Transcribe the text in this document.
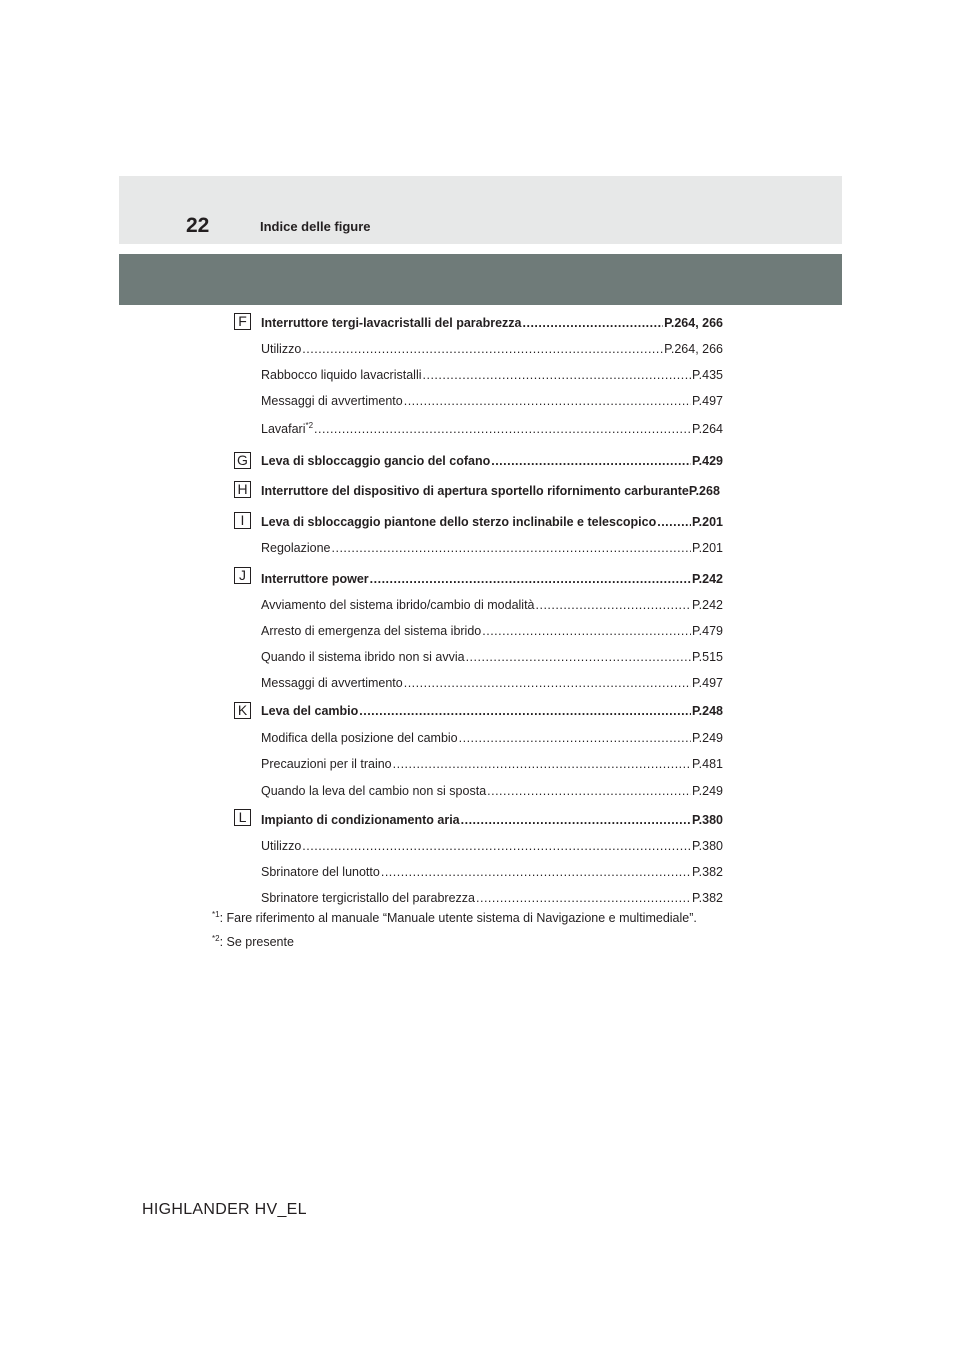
22	Indice delle figure
F	Interruttore tergi-lavacristalli del parabrezza .....	P.264, 266
Utilizzo .....	P.264, 266
Rabbocco liquido lavacristalli .....	P.435
Messaggi di avvertimento .....	P.497
Lavafari$^{*2}$ .....	P.264
G Leva di sbloccaggio gancio del cofano .....	P.429
H Interruttore del dispositivo di apertura sportello rifornimento carburanteP.268
I	Leva di sbloccaggio piantone dello sterzo inclinabile e telescopico .....	P.201
Regolazione .....	P.201
J	Interruttore power .....	P.242
Avviamento del sistema ibrido/cambio di modalità .....	P.242
Arresto di emergenza del sistema ibrido .....	P.479
Quando il sistema ibrido non si avvia .....	P.515
Messaggi di avvertimento .....	P.497
K	Leva del cambio .....	P.248
Modifica della posizione del cambio .....	P.249
Precauzioni per il traino .....	P.481
Quando la leva del cambio non si sposta .....	P.249
L	Impianto di condizionamento aria .....	P.380
Utilizzo .....	P.380
Sbrinatore del lunotto .....	P.382
Sbrinatore tergicristallo del parabrezza .....	P.382
$^{*1}$: Fare riferimento al manuale “Manuale utente sistema di Navigazione e multimediale”.
$^{*2}$: Se presente
HIGHLANDER HV_EL
